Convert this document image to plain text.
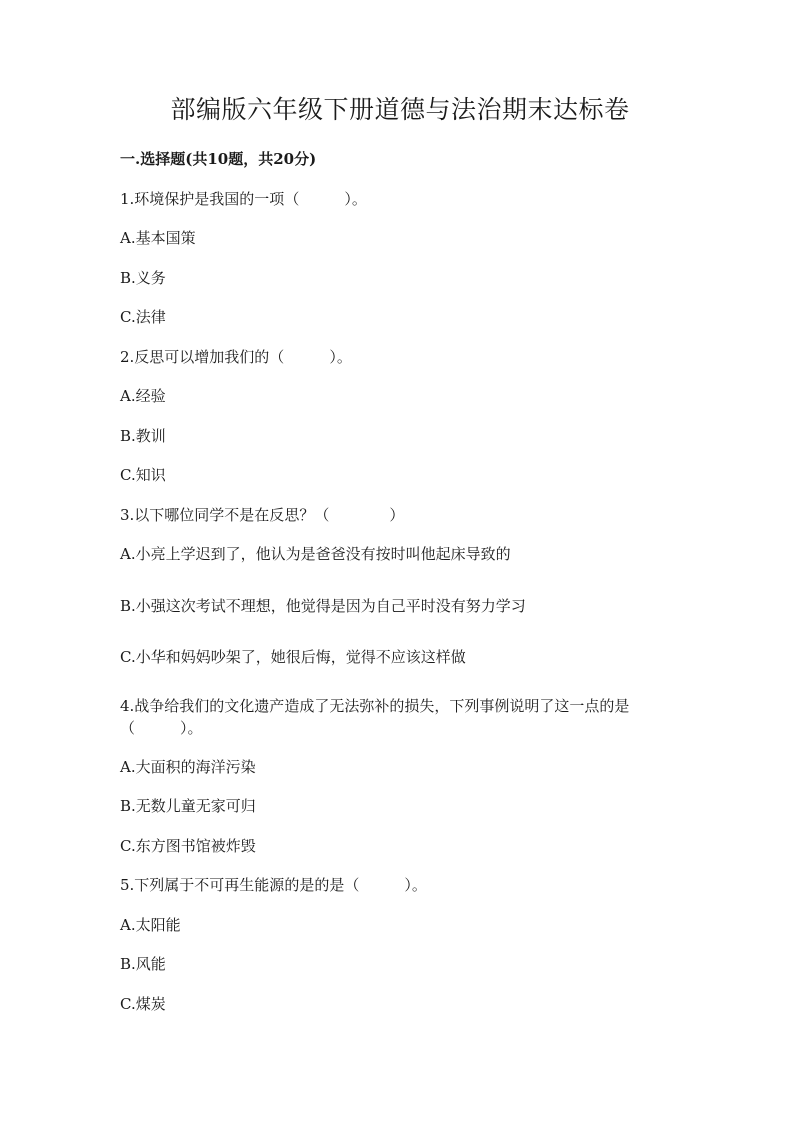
部编版六年级下册道德与法治期末达标卷
一.选择题(共10题，共20分)
1.环境保护是我国的一项（　　　）。
A.基本国策
B.义务
C.法律
2.反思可以增加我们的（　　　）。
A.经验
B.教训
C.知识
3.以下哪位同学不是在反思？（　　　　）
A.小亮上学迟到了，他认为是爸爸没有按时叫他起床导致的
B.小强这次考试不理想，他觉得是因为自己平时没有努力学习
C.小华和妈妈吵架了，她很后悔，觉得不应该这样做
4.战争给我们的文化遗产造成了无法弥补的损失，下列事例说明了这一点的是（　　　）。
A.大面积的海洋污染
B.无数儿童无家可归
C.东方图书馆被炸毁
5.下列属于不可再生能源的是的是（　　　）。
A.太阳能
B.风能
C.煤炭
